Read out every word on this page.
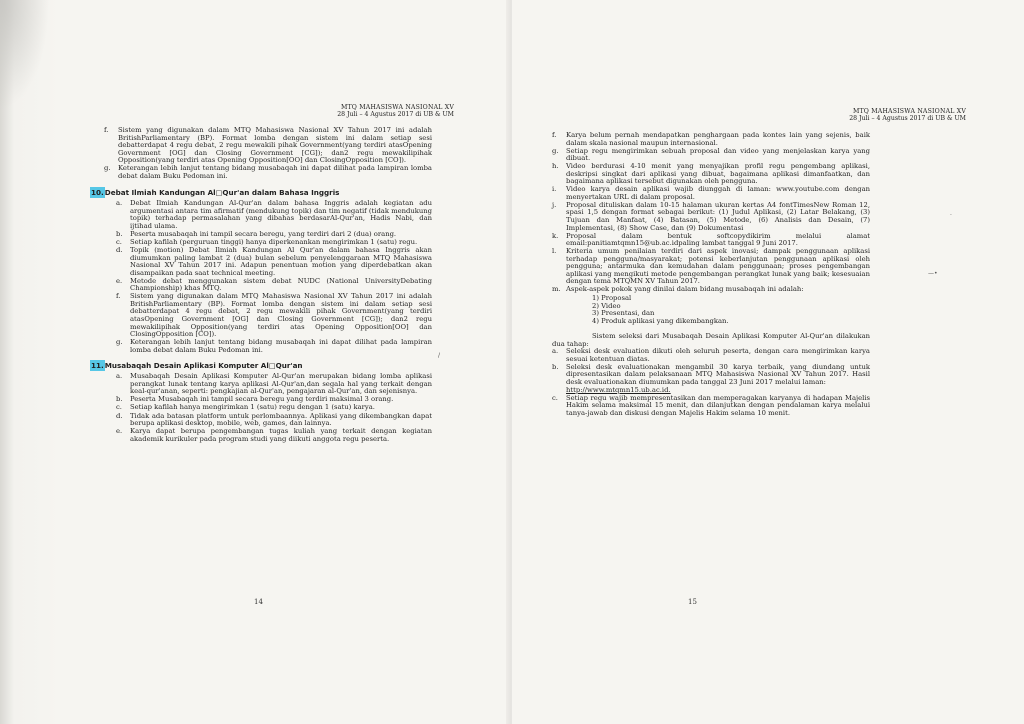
MTQ MAHASISWA NASIONAL XV
28 Juli – 4 Agustus 2017 di UB & UM
f. Sistem yang digunakan dalam MTQ Mahasiswa Nasional XV Tahun 2017 ini adalah BritishParliamentary (BP). Format lomba dengan sistem ini dalam setiap sesi debatterdapat 4 regu debat, 2 regu mewakili pihak Government(yang terdiri atasOpening Government [OG] dan Closing Government [CG]); dan2 regu mewakilipihak Opposition(yang terdiri atas Opening Opposition[OO] dan ClosingOpposition [CO]).
g. Keterangan lebih lanjut tentang bidang musabaqah ini dapat dilihat pada lampiran lomba debat dalam Buku Pedoman ini.
10.Debat Ilmiah Kandungan Al□Qur'an dalam Bahasa Inggris
a. Debat Ilmiah Kandungan Al-Qur'an dalam bahasa Inggris adalah kegiatan adu argumentasi antara tim afirmatif (mendukung topik) dan tim negatif (tidak mendukung topik) terhadap permasalahan yang dibahas berdasarAl-Qur'an, Hadis Nabi, dan ijtihad ulama.
b. Peserta musabaqah ini tampil secara beregu, yang terdiri dari 2 (dua) orang.
c. Setiap kafilah (perguruan tinggi) hanya diperkenankan mengirimkan 1 (satu) regu.
d. Topik (motion) Debat Ilmiah Kandungan Al Qur'an dalam bahasa Inggris akan diumumkan paling lambat 2 (dua) bulan sebelum penyelenggaraan MTQ Mahasiswa Nasional XV Tahun 2017 ini. Adapun penentuan motion yang diperdebatkan akan disampaikan pada saat technical meeting.
e. Metode debat menggunakan sistem debat NUDC (National UniversityDebating Championship) khas MTQ.
f. Sistem yang digunakan dalam MTQ Mahasiswa Nasional XV Tahun 2017 ini adalah BritishParliamentary (BP). Format lomba dengan sistem ini dalam setiap sesi debatterdapat 4 regu debat, 2 regu mewakili pihak Government(yang terdiri atasOpening Government [OG] dan Closing Government [CG]); dan2 regu mewakilipihak Opposition(yang terdiri atas Opening Opposition[OO] dan ClosingOpposition [CO]).
g. Keterangan lebih lanjut tentang bidang musabaqah ini dapat dilihat pada lampiran lomba debat dalam Buku Pedoman ini.
11.Musabaqah Desain Aplikasi Komputer Al□Qur'an
a. Musabaqah Desain Aplikasi Komputer Al-Qur'an merupakan bidang lomba aplikasi perangkat lunak tentang karya aplikasi Al-Qur'an,dan segala hal yang terkait dengan keal-qur'anan, seperti: pengkajian al-Qur'an, pengajaran al-Qur'an, dan sejenisnya.
b. Peserta Musabaqah ini tampil secara beregu yang terdiri maksimal 3 orang.
c. Setiap kafilah hanya mengirimkan 1 (satu) regu dengan 1 (satu) karya.
d. Tidak ada batasan platform untuk perlombaannya. Aplikasi yang dikembangkan dapat berupa aplikasi desktop, mobile, web, games, dan lainnya.
e. Karya dapat berupa pengembangan tugas kuliah yang terkait dengan kegiatan akademik kurikuler pada program studi yang diikuti anggota regu peserta.
14
/
MTQ MAHASISWA NASIONAL XV
28 Juli – 4 Agustus 2017 di UB & UM
f. Karya belum pernah mendapatkan penghargaan pada kontes lain yang sejenis, baik dalam skala nasional maupun internasional.
g. Setiap regu mengirimkan sebuah proposal dan video yang menjelaskan karya yang dibuat.
h. Video berdurasi 4-10 menit yang menyajikan profil regu pengembang aplikasi, deskripsi singkat dari aplikasi yang dibuat, bagaimana aplikasi dimanfaatkan, dan bagaimana aplikasi tersebut digunakan oleh pengguna.
i. Video karya desain aplikasi wajib diunggah di laman: www.youtube.com dengan menyertakan URL di dalam proposal.
j. Proposal dituliskan dalam 10-15 halaman ukuran kertas A4 fontTimesNew Roman 12, spasi 1,5 dengan format sebagai berikut: (1) Judul Aplikasi, (2) Latar Belakang, (3) Tujuan dan Manfaat, (4) Batasan, (5) Metode, (6) Analisis dan Desain, (7) Implementasi, (8) Show Case, dan (9) Dokumentasi
k. Proposal dalam bentuk softcopydikirim melalui alamat email:panitiamtqmn15@ub.ac.idpaling lambat tanggal 9 Juni 2017.
l. Kriteria umum penilaian terdiri dari aspek inovasi; dampak penggunaan aplikasi terhadap pengguna/masyarakat; potensi keberlanjutan penggunaan aplikasi oleh pengguna; antarmuka dan kemudahan dalam penggunaan; proses pengembangan aplikasi yang mengikuti metode pengembangan perangkat lunak yang baik; kesesuaian dengan tema MTQMN XV Tahun 2017.
m. Aspek-aspek pokok yang dinilai dalam bidang musabaqah ini adalah:
1) Proposal
2) Video
3) Presentasi, dan
4) Produk aplikasi yang dikembangkan.

Sistem seleksi dari Musabaqah Desain Aplikasi Komputer Al-Qur'an dilakukan dua tahap:

a. Seleksi desk evaluation dikuti oleh seluruh peserta, dengan cara mengirimkan karya sesuai ketentuan diatas.
b. Seleksi desk evaluationakan mengambil 30 karya terbaik, yang diundang untuk dipresentasikan dalam pelaksanaan MTQ Mahasiswa Nasional XV Tahun 2017. Hasil desk evaluationakan diumumkan pada tanggal 23 Juni 2017 melalui laman:
http://www.mtqmn15.ub.ac.id.
c. Setiap regu wajib mempresentasikan dan memperagakan karyanya di hadapan Majelis Hakim selama maksimal 15 menit, dan dilanjutkan dengan pendalaman karya melalui tanya-jawab dan diskusi dengan Majelis Hakim selama 10 menit.
15
—•
·
